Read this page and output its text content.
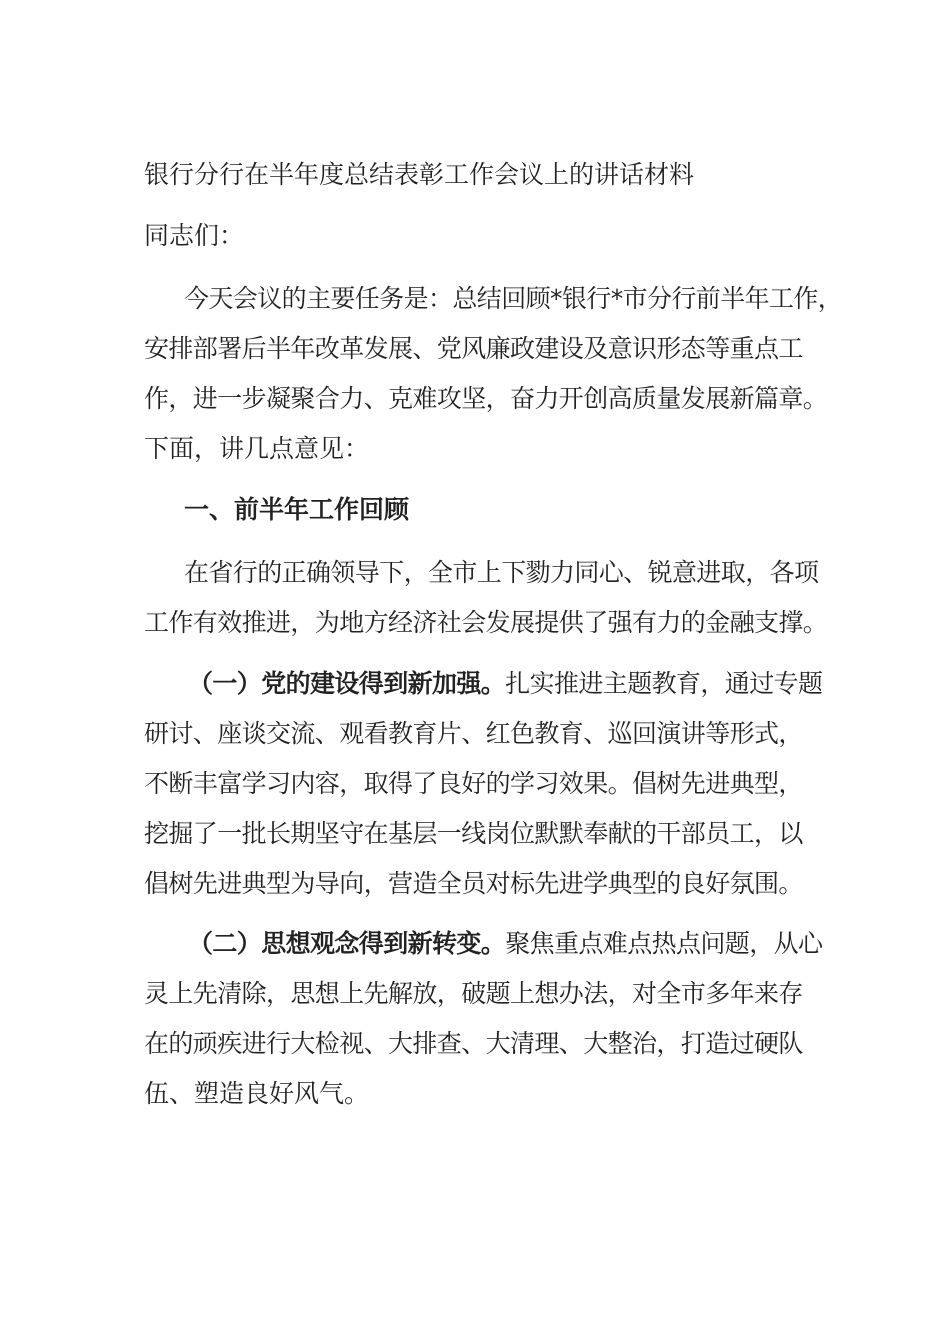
银行分行在半年度总结表彰工作会议上的讲话材料
同志们：
今天会议的主要任务是：总结回顾*银行*市分行前半年工作，
安排部署后半年改革发展、党风廉政建设及意识形态等重点工
作，进一步凝聚合力、克难攻坚，奋力开创高质量发展新篇章。
下面，讲几点意见：
一、前半年工作回顾
在省行的正确领导下，全市上下勠力同心、锐意进取，各项
工作有效推进，为地方经济社会发展提供了强有力的金融支撑。
（一）党的建设得到新加强。扎实推进主题教育，通过专题
研讨、座谈交流、观看教育片、红色教育、巡回演讲等形式，
不断丰富学习内容，取得了良好的学习效果。倡树先进典型，
挖掘了一批长期坚守在基层一线岗位默默奉献的干部员工，以
倡树先进典型为导向，营造全员对标先进学典型的良好氛围。
（二）思想观念得到新转变。聚焦重点难点热点问题，从心
灵上先清除，思想上先解放，破题上想办法，对全市多年来存
在的顽疾进行大检视、大排查、大清理、大整治，打造过硬队
伍、塑造良好风气。
